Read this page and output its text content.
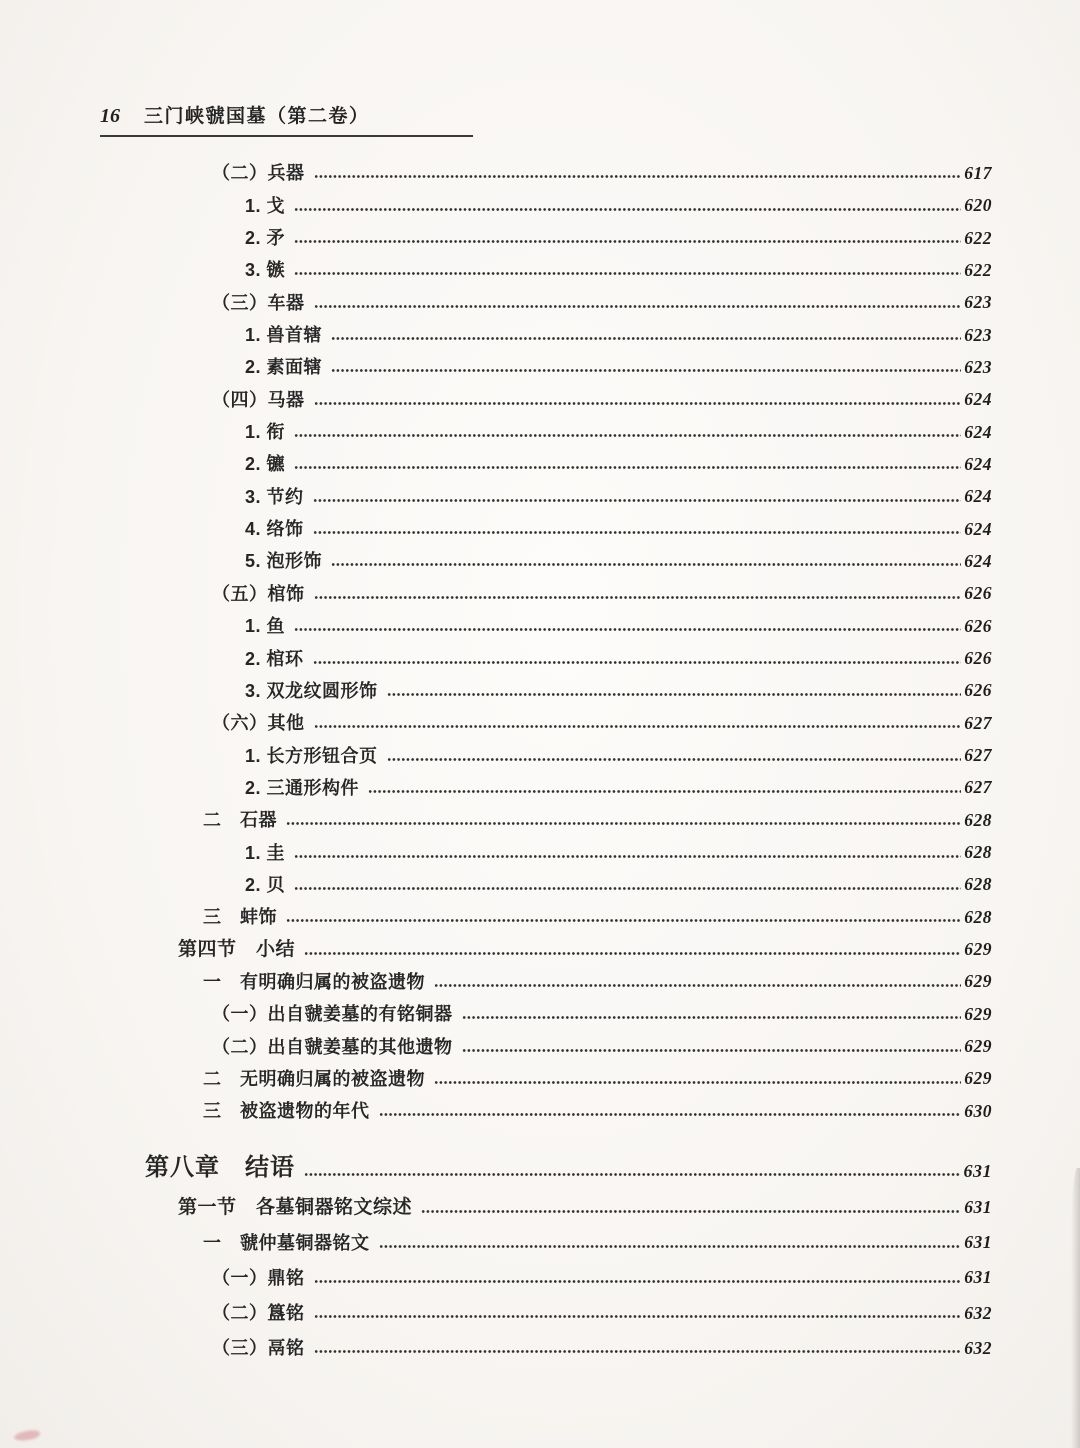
16 三门峡虢国墓（第二卷）
（二）兵器	617
1. 戈	620
2. 矛	622
3. 镞	622
（三）车器	623
1. 兽首辖	623
2. 素面辖	623
（四）马器	624
1. 衔	624
2. 镳	624
3. 节约	624
4. 络饰	624
5. 泡形饰	624
（五）棺饰	626
1. 鱼	626
2. 棺环	626
3. 双龙纹圆形饰	626
（六）其他	627
1. 长方形钮合页	627
2. 三通形构件	627
二　石器	628
1. 圭	628
2. 贝	628
三　蚌饰	628
第四节　小结	629
一　有明确归属的被盗遗物	629
（一）出自虢姜墓的有铭铜器	629
（二）出自虢姜墓的其他遗物	629
二　无明确归属的被盗遗物	629
三　被盗遗物的年代	630
第八章　结语	631
第一节　各墓铜器铭文综述	631
一　虢仲墓铜器铭文	631
（一）鼎铭	631
（二）簋铭	632
（三）鬲铭	632
